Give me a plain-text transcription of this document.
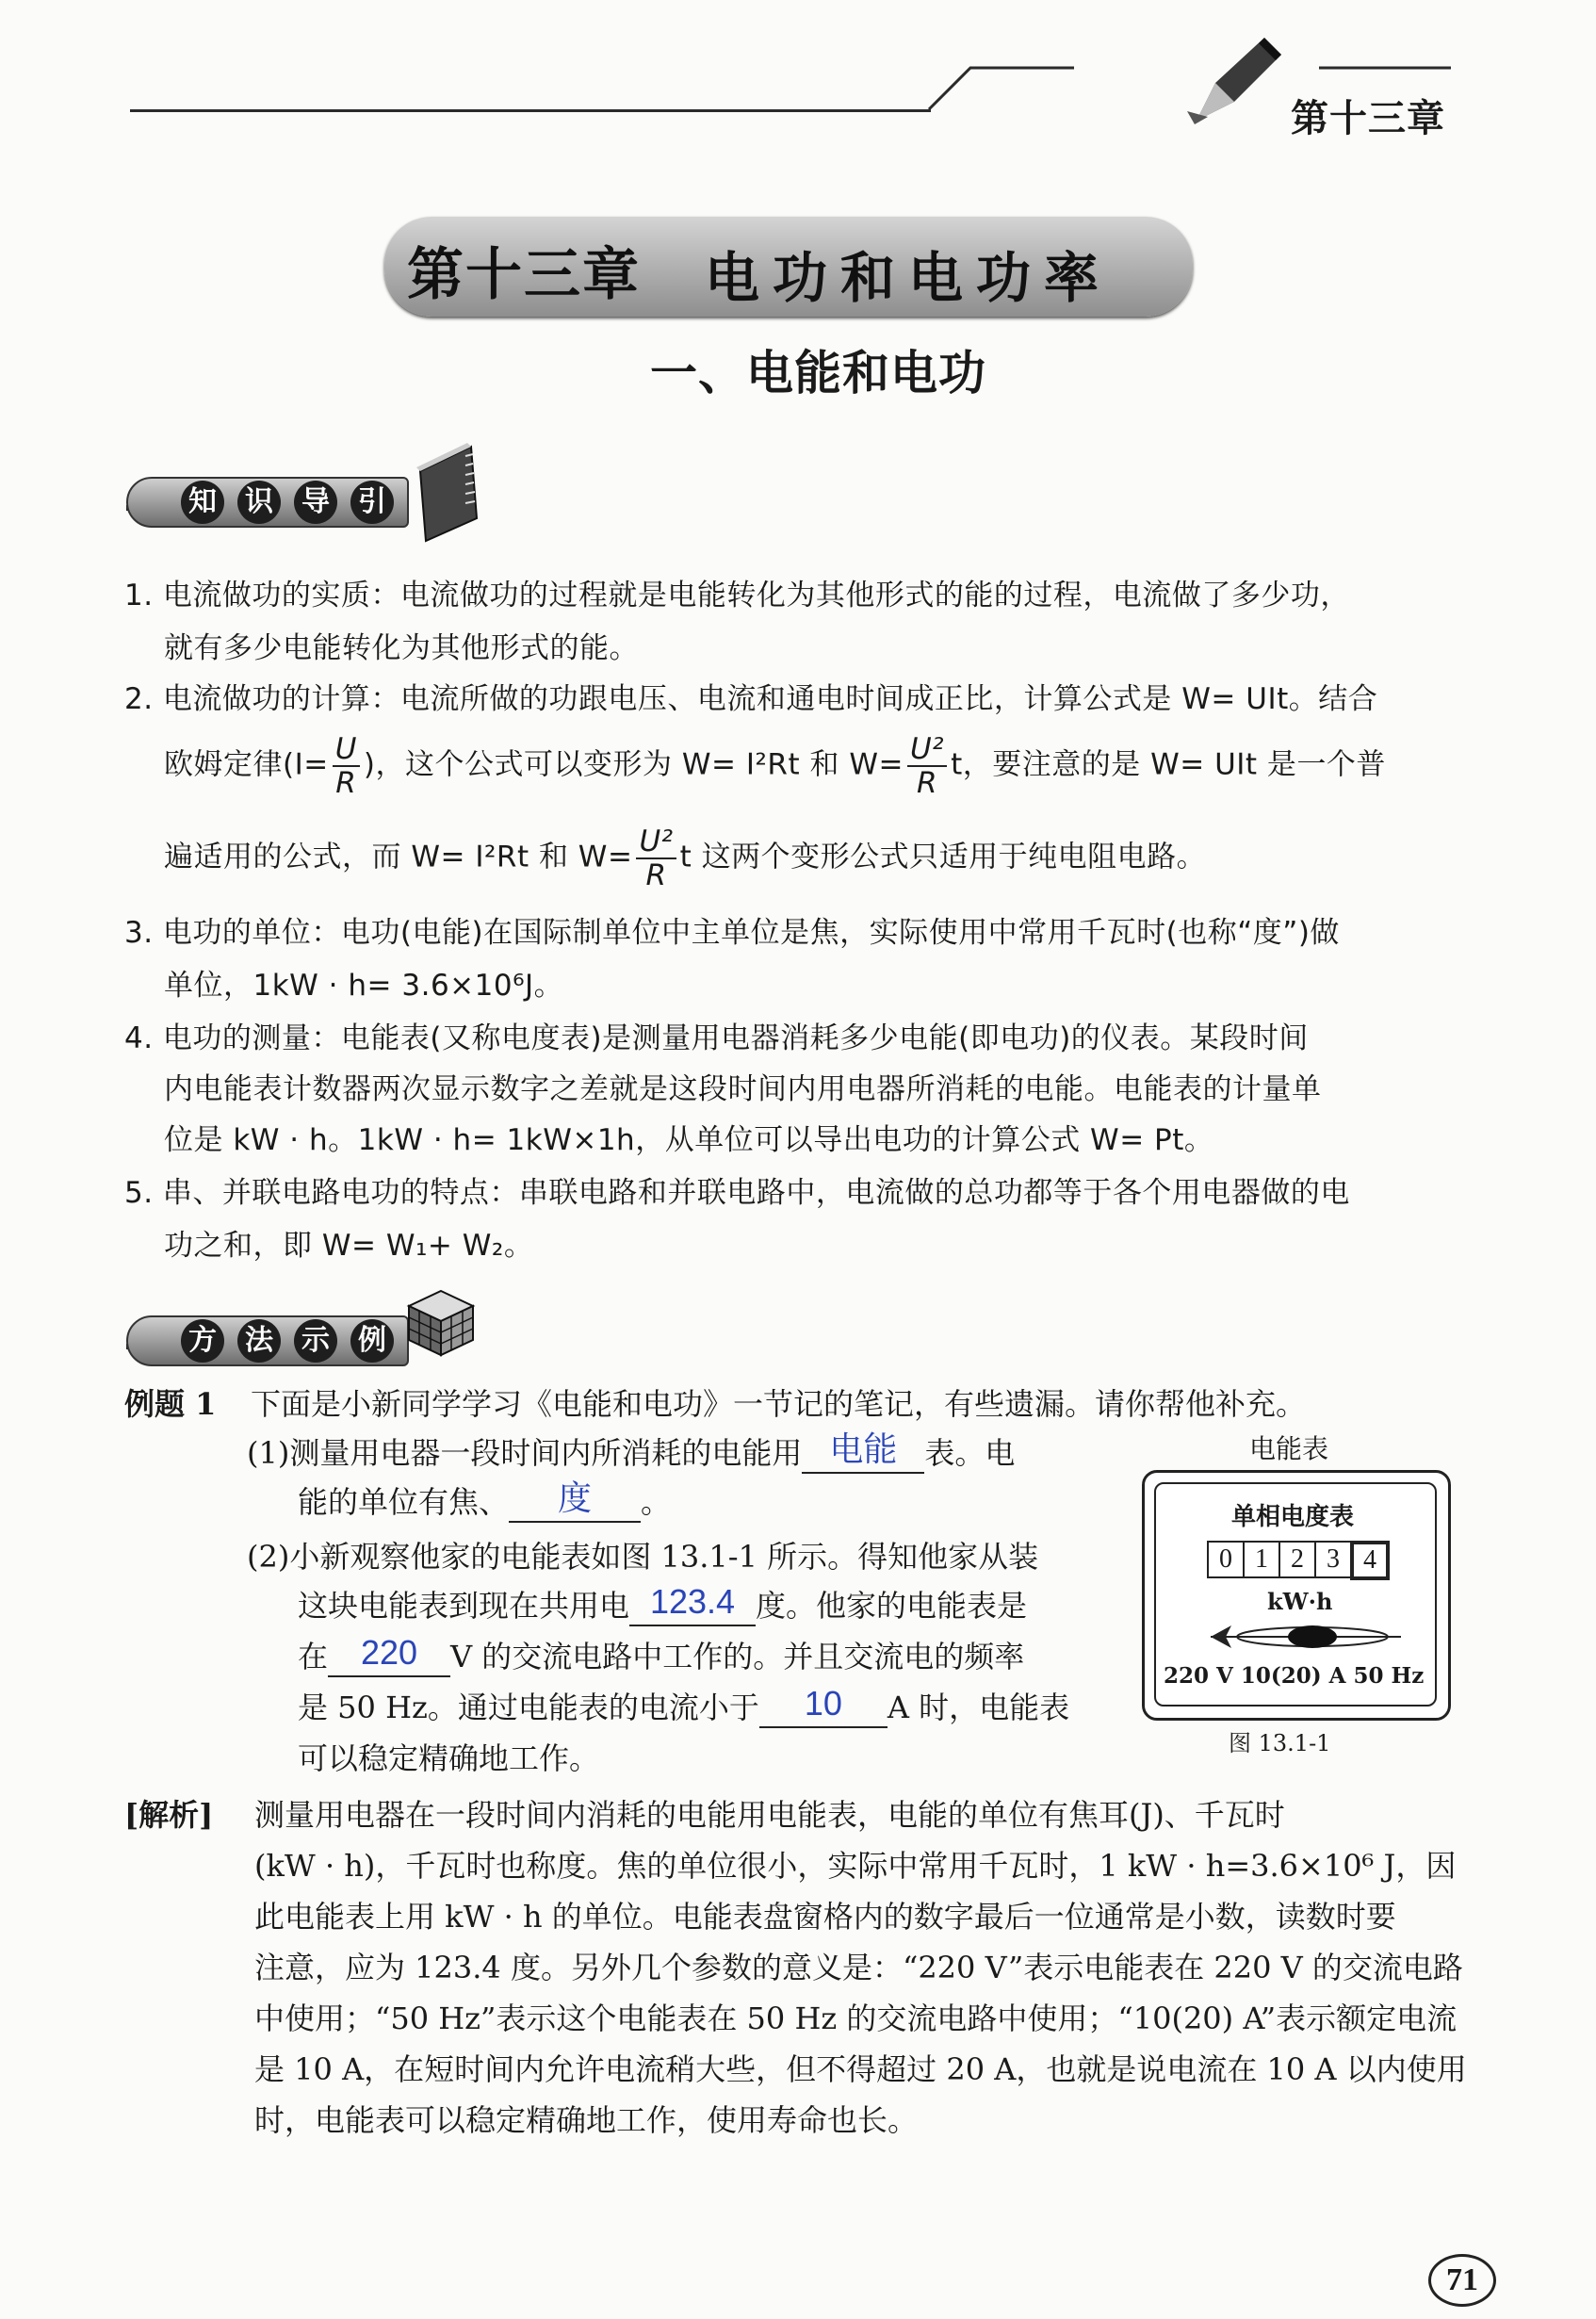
第十三章
第十三章 电功和电功率
一、电能和电功
知 识 导 引
1. 电流做功的实质：电流做功的过程就是电能转化为其他形式的能的过程，电流做了多少功，
就有多少电能转化为其他形式的能。
2. 电流做功的计算：电流所做的功跟电压、电流和通电时间成正比，计算公式是 W= UIt。结合
欧姆定律($I= \frac{U}{R}$ )，这个公式可以变形为 W= I²Rt 和 $W= \frac{\text{U²}}{R}$ t，要注意的是 W= UIt 是一个普
遍适用的公式，而 W= I²Rt 和 $W= \frac{\text{U²}}{R}$ t 这两个变形公式只适用于纯电阻电路。
3. 电功的单位：电功(电能)在国际制单位中主单位是焦，实际使用中常用千瓦时(也称“度”)做
单位，1kW · h= 3.6×10⁶J。
4. 电功的测量：电能表(又称电度表)是测量用电器消耗多少电能(即电功)的仪表。某段时间
内电能表计数器两次显示数字之差就是这段时间内用电器所消耗的电能。电能表的计量单
位是 kW · h。1kW · h= 1kW×1h，从单位可以导出电功的计算公式 W= Pt。
5. 串、并联电路电功的特点：串联电路和并联电路中，电流做的总功都等于各个用电器做的电
功之和，即 W= W₁+ W₂。
方 法 示 例
例题 1 下面是小新同学学习《电能和电功》一节记的笔记，有些遗漏。请你帮他补充。
(1)测量用电器一段时间内所消耗的电能用 电能 表。电
能的单位有焦、	度	。
(2)小新观察他家的电能表如图 13.1-1 所示。得知他家从装
这块电能表到现在共用电 123.4 度。他家的电能表是
在 220	V 的交流电路中工作的。并且交流电的频率
是 50 Hz。通过电能表的电流小于	10	A 时，电能表
可以稳定精确地工作。
电能表
单相电度表
0 1 2 3 4
kW·h
220 V 10(20) A 50 Hz
图 13.1-1
[解析] 测量用电器在一段时间内消耗的电能用电能表，电能的单位有焦耳(J)、千瓦时
(kW · h)，千瓦时也称度。焦的单位很小，实际中常用千瓦时，1 kW · h=3.6×10⁶ J，因
此电能表上用 kW · h 的单位。电能表盘窗格内的数字最后一位通常是小数，读数时要
注意，应为 123.4 度。另外几个参数的意义是：“220 V”表示电能表在 220 V 的交流电路
中使用；“50 Hz”表示这个电能表在 50 Hz 的交流电路中使用；“10(20) A”表示额定电流
是 10 A，在短时间内允许电流稍大些，但不得超过 20 A，也就是说电流在 10 A 以内使用
时，电能表可以稳定精确地工作，使用寿命也长。
71
